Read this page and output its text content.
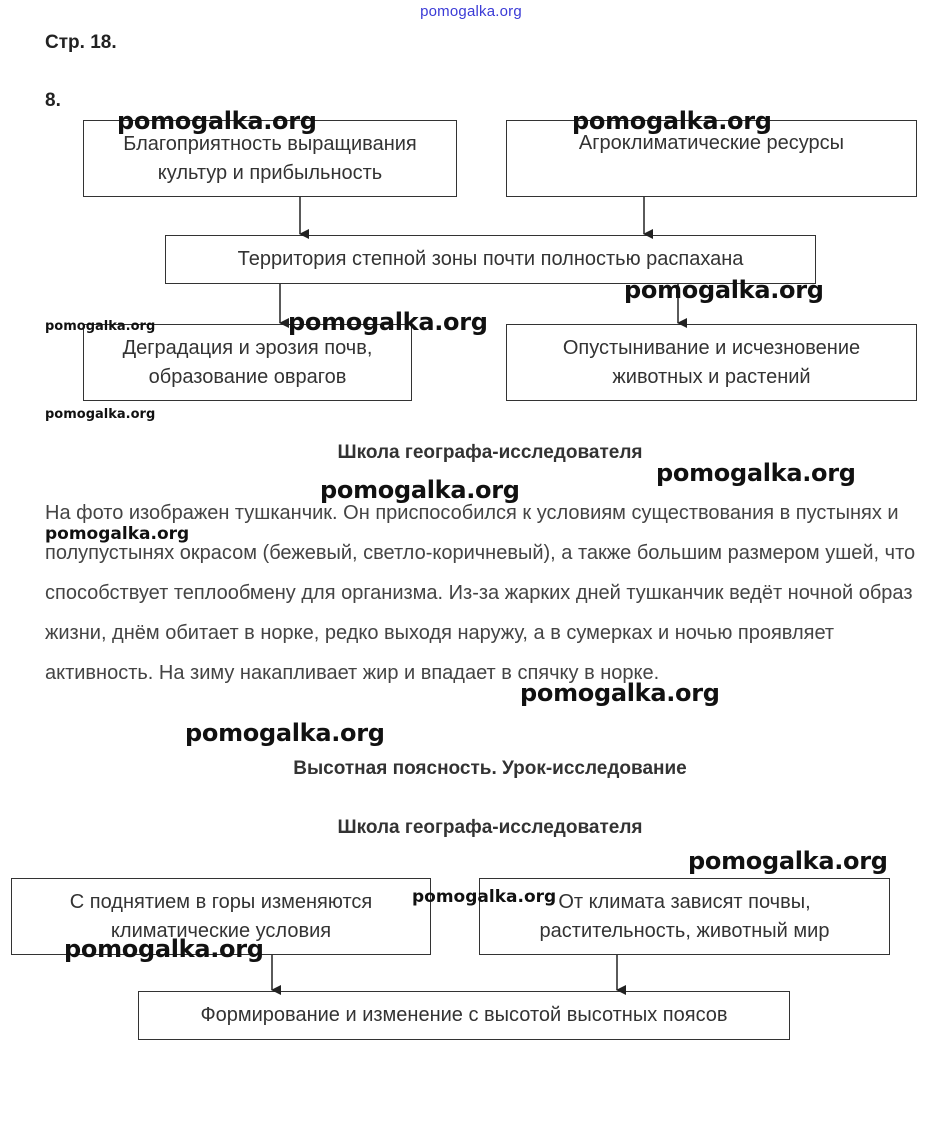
pomogalka.org
Стр. 18.
8.
Благоприятность выращивания культур и прибыльность
Агроклиматические ресурсы
Территория степной зоны почти полностью распахана
Деградация и эрозия почв, образование оврагов
Опустынивание и исчезновение животных и растений
Школа географа-исследователя
На фото изображен тушканчик. Он приспособился к условиям существования в пустынях и полупустынях окрасом (бежевый, светло-коричневый), а также большим размером ушей, что способствует теплообмену для организма. Из-за жарких дней тушканчик ведёт ночной образ жизни, днём обитает в норке, редко выходя наружу, а в сумерках и ночью проявляет активность. На зиму накапливает жир и впадает в спячку в норке.
Высотная поясность. Урок-исследование
Школа географа-исследователя
С поднятием в горы изменяются климатические условия
От климата зависят почвы, растительность, животный мир
Формирование и изменение с высотой высотных поясов
pomogalka.org	pomogalka.org
pomogalka.org
pomogalka.org
pomogalka.org
pomogalka.org
pomogalka.org
pomogalka.org
pomogalka.org
pomogalka.org
pomogalka.org
pomogalka.org
pomogalka.org
pomogalka.org
